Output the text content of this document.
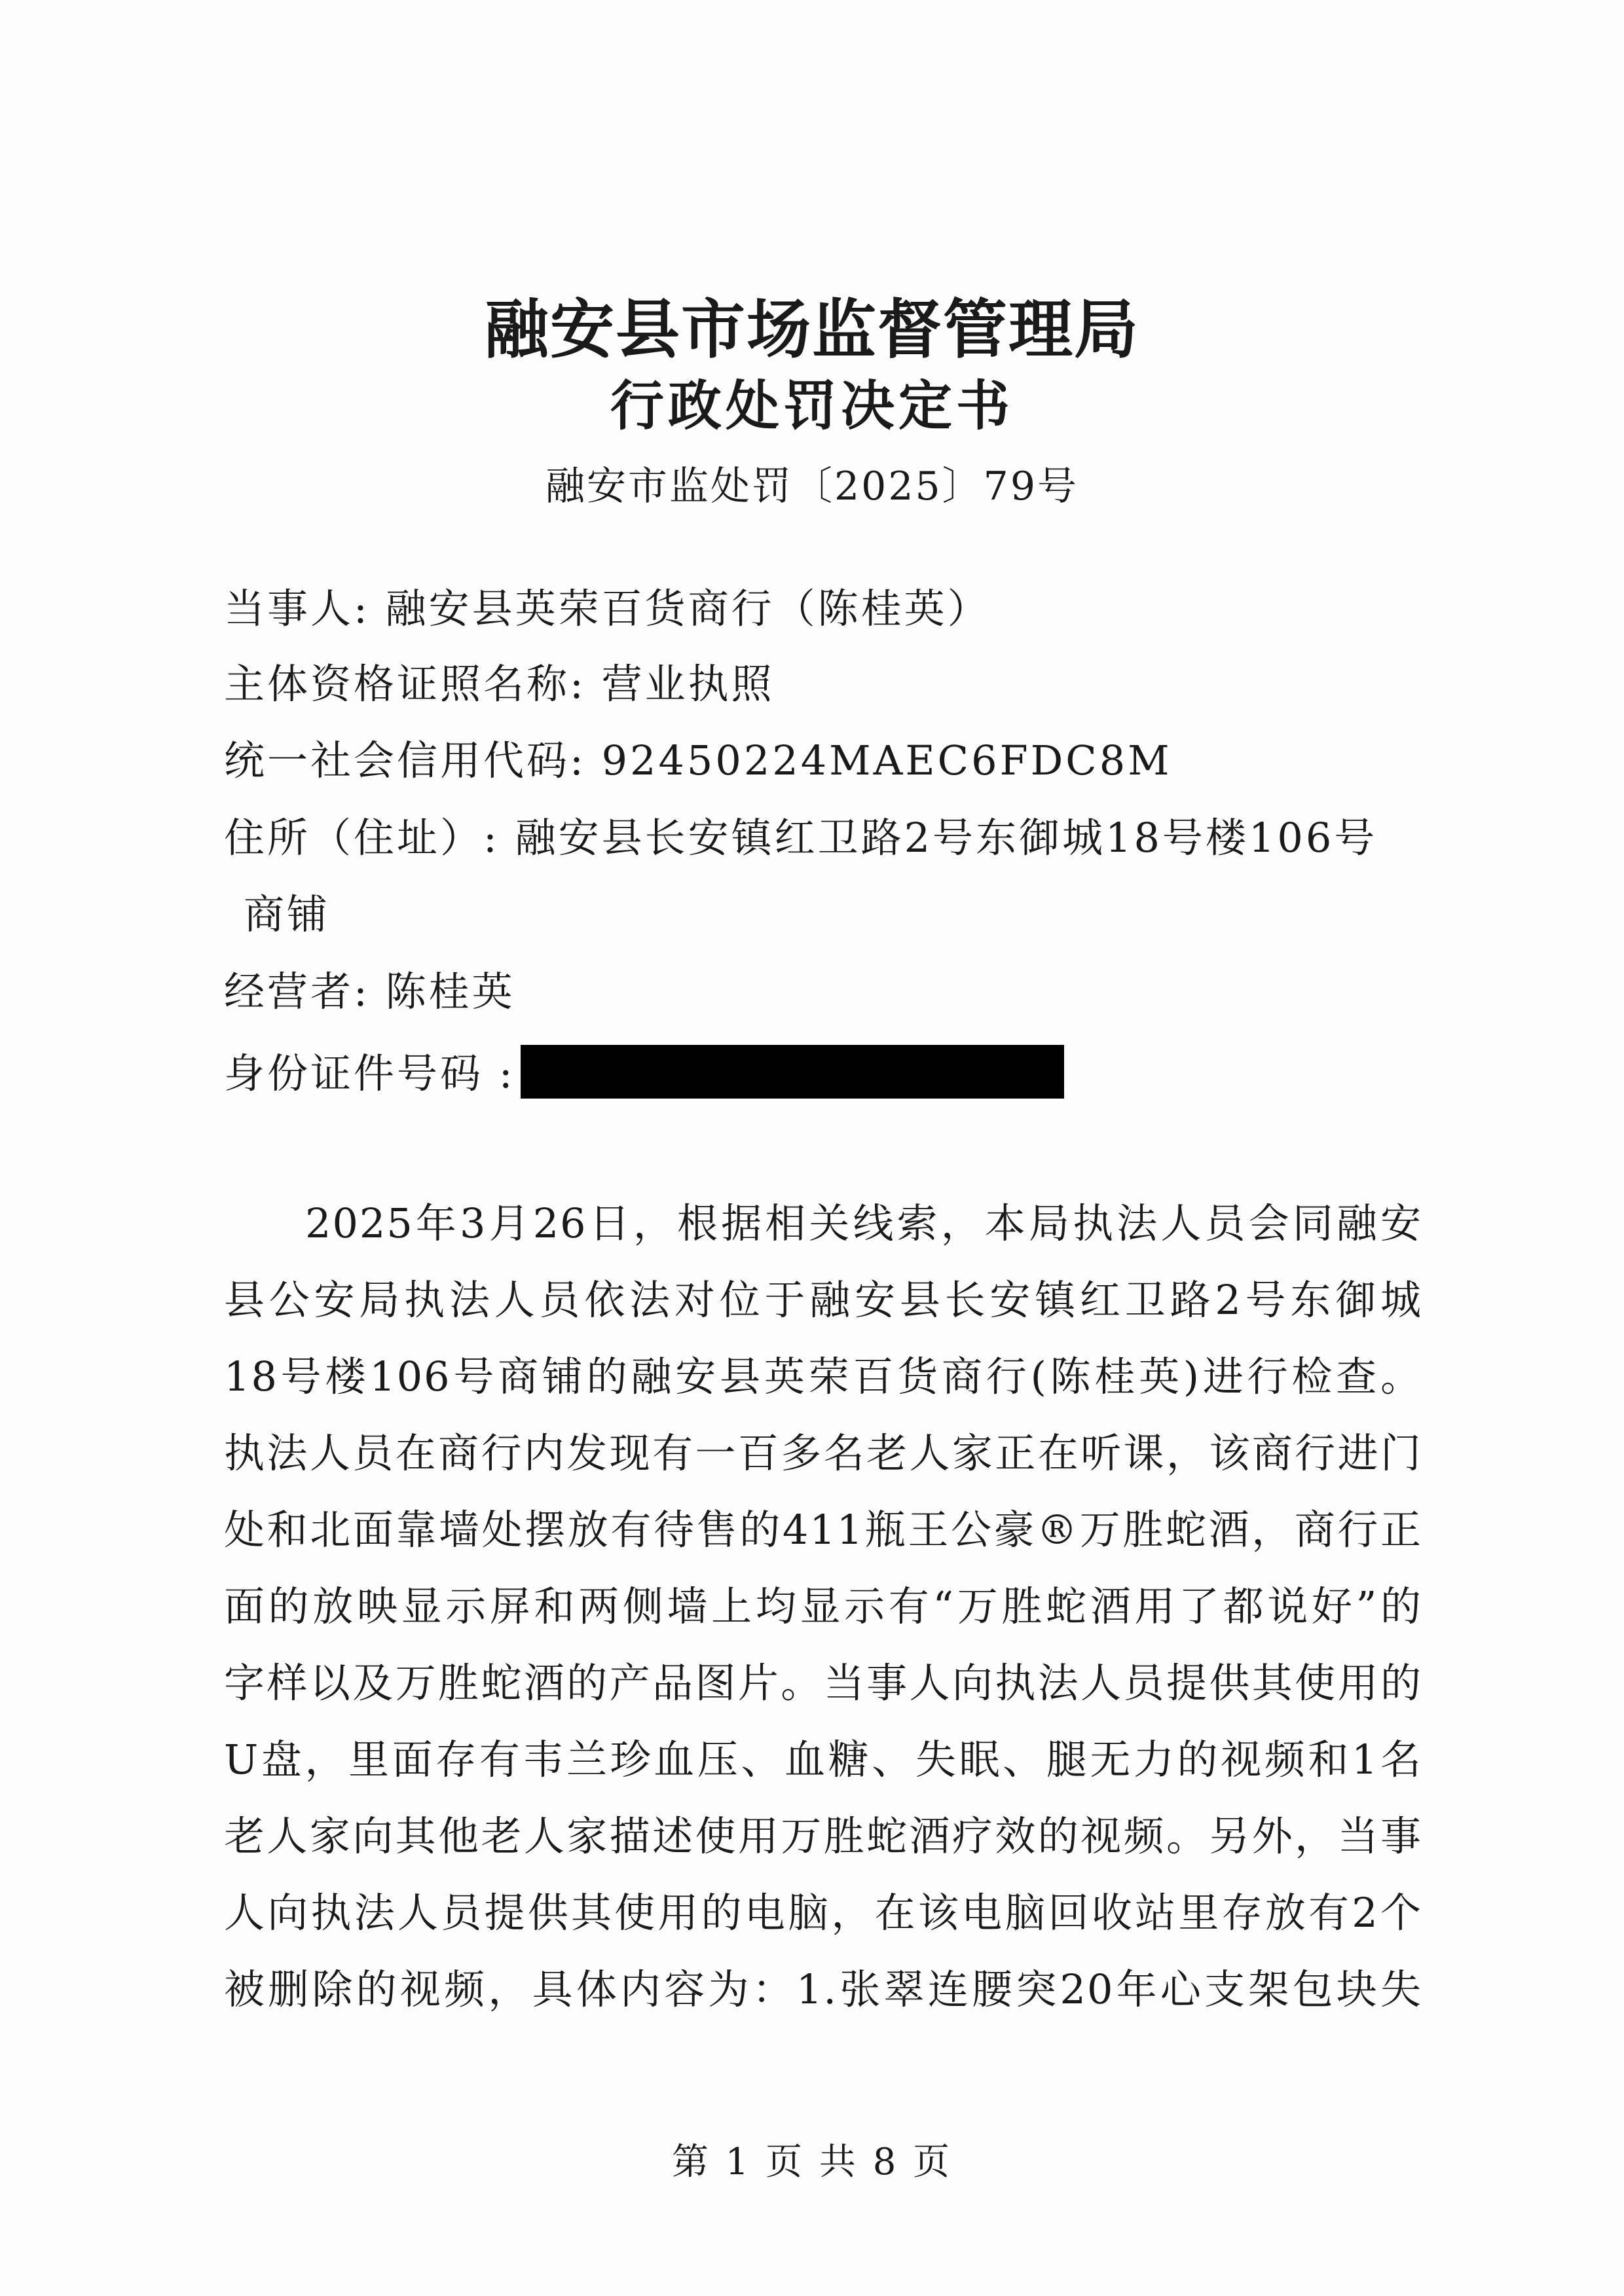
融安县市场监督管理局
行政处罚决定书
融安市监处罚〔2025〕79号
当事人: 融安县英荣百货商行（陈桂英）
主体资格证照名称: 营业执照
统一社会信用代码: 92450224MAEC6FDC8M
住所（住址）: 融安县长安镇红卫路2号东御城18号楼106号
商铺
经营者: 陈桂英
身份证件号码 :
2025年3月26日，根据相关线索，本局执法人员会同融安
县公安局执法人员依法对位于融安县长安镇红卫路2号东御城
18号楼106号商铺的融安县英荣百货商行(陈桂英)进行检查。
执法人员在商行内发现有一百多名老人家正在听课，该商行进门
处和北面靠墙处摆放有待售的411瓶王公豪®万胜蛇酒，商行正
面的放映显示屏和两侧墙上均显示有“万胜蛇酒用了都说好”的
字样以及万胜蛇酒的产品图片。当事人向执法人员提供其使用的
U盘，里面存有韦兰珍血压、血糖、失眠、腿无力的视频和1名
老人家向其他老人家描述使用万胜蛇酒疗效的视频。另外，当事
人向执法人员提供其使用的电脑，在该电脑回收站里存放有2个
被删除的视频，具体内容为：1.张翠连腰突20年心支架包块失
第 1 页 共 8 页
